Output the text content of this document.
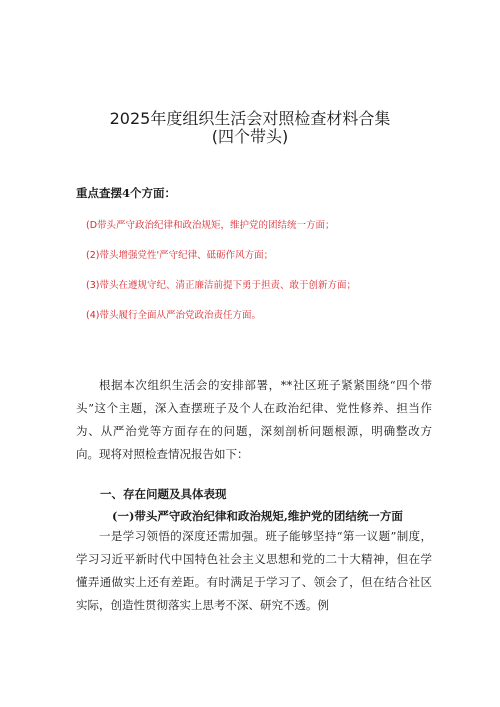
2025年度组织生活会对照检查材料合集
(四个带头)
重点查摆4个方面：
(D带头严守政治纪律和政治规矩，维护党的团结统一方面；
(2)带头增强党性'严守纪律、砥砺作风方面；
(3)带头在遵规守纪、清正廉洁前提下勇于担责、敢于创新方面；
(4)带头履行全面从严治党政治责任方面。
根据本次组织生活会的安排部署，**社区班子紧紧围绕“四个带头”这个主题，深入查摆班子及个人在政治纪律、党性修养、担当作为、从严治党等方面存在的问题，深刻剖析问题根源，明确整改方向。现将对照检查情况报告如下：
一、存在问题及具体表现
(一)带头严守政治纪律和政治规矩,维护党的团结统一方面
一是学习领悟的深度还需加强。班子能够坚持“第一议题”制度，学习习近平新时代中国特色社会主义思想和党的二十大精神，但在学懂弄通做实上还有差距。有时满足于学习了、领会了，但在结合社区实际，创造性贯彻落实上思考不深、研究不透。例
